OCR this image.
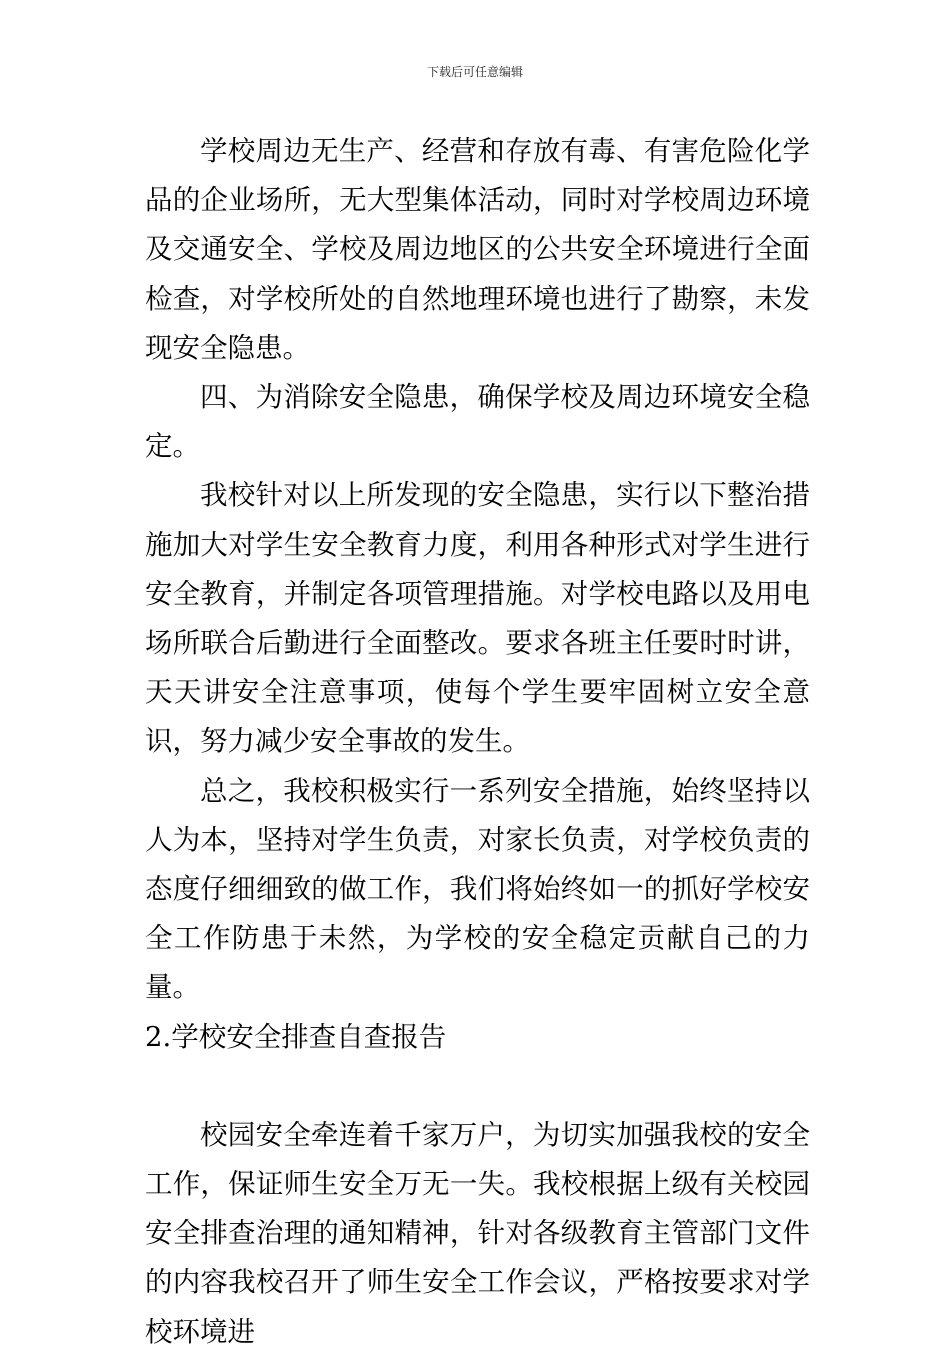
下载后可任意编辑

学校周边无生产、经营和存放有毒、有害危险化学品的企业场所，无大型集体活动，同时对学校周边环境及交通安全、学校及周边地区的公共安全环境进行全面检查，对学校所处的自然地理环境也进行了勘察，未发现安全隐患。

四、为消除安全隐患，确保学校及周边环境安全稳定。

我校针对以上所发现的安全隐患，实行以下整治措施加大对学生安全教育力度，利用各种形式对学生进行安全教育，并制定各项管理措施。对学校电路以及用电场所联合后勤进行全面整改。要求各班主任要时时讲，天天讲安全注意事项，使每个学生要牢固树立安全意识，努力减少安全事故的发生。

总之，我校积极实行一系列安全措施，始终坚持以人为本，坚持对学生负责，对家长负责，对学校负责的态度仔细细致的做工作，我们将始终如一的抓好学校安全工作防患于未然，为学校的安全稳定贡献自己的力量。

2.学校安全排查自查报告

校园安全牵连着千家万户，为切实加强我校的安全工作，保证师生安全万无一失。我校根据上级有关校园安全排查治理的通知精神，针对各级教育主管部门文件的内容我校召开了师生安全工作会议，严格按要求对学校环境进
